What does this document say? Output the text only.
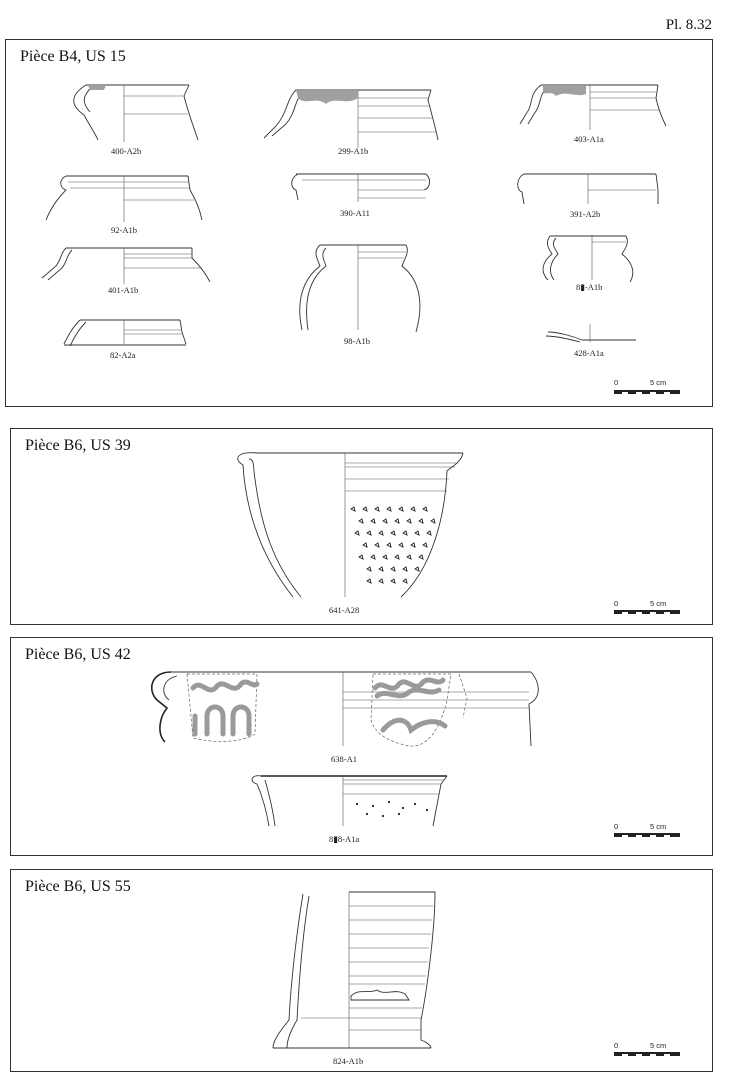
Pl. 8.32
Pièce B4, US 15
400-A2b	299-A1b
403-A1a
92-A1b
390-A11	391-A2b
401-A1b
98-A1b
8▮-A1b
82-A2a	428-A1a
0	5 cm
Pièce B6, US 39
641-A28
0	5 cm
Pièce B6, US 42
638-A1
8▮8-A1a
0	5 cm
Pièce B6, US 55
824-A1b
0	5 cm
